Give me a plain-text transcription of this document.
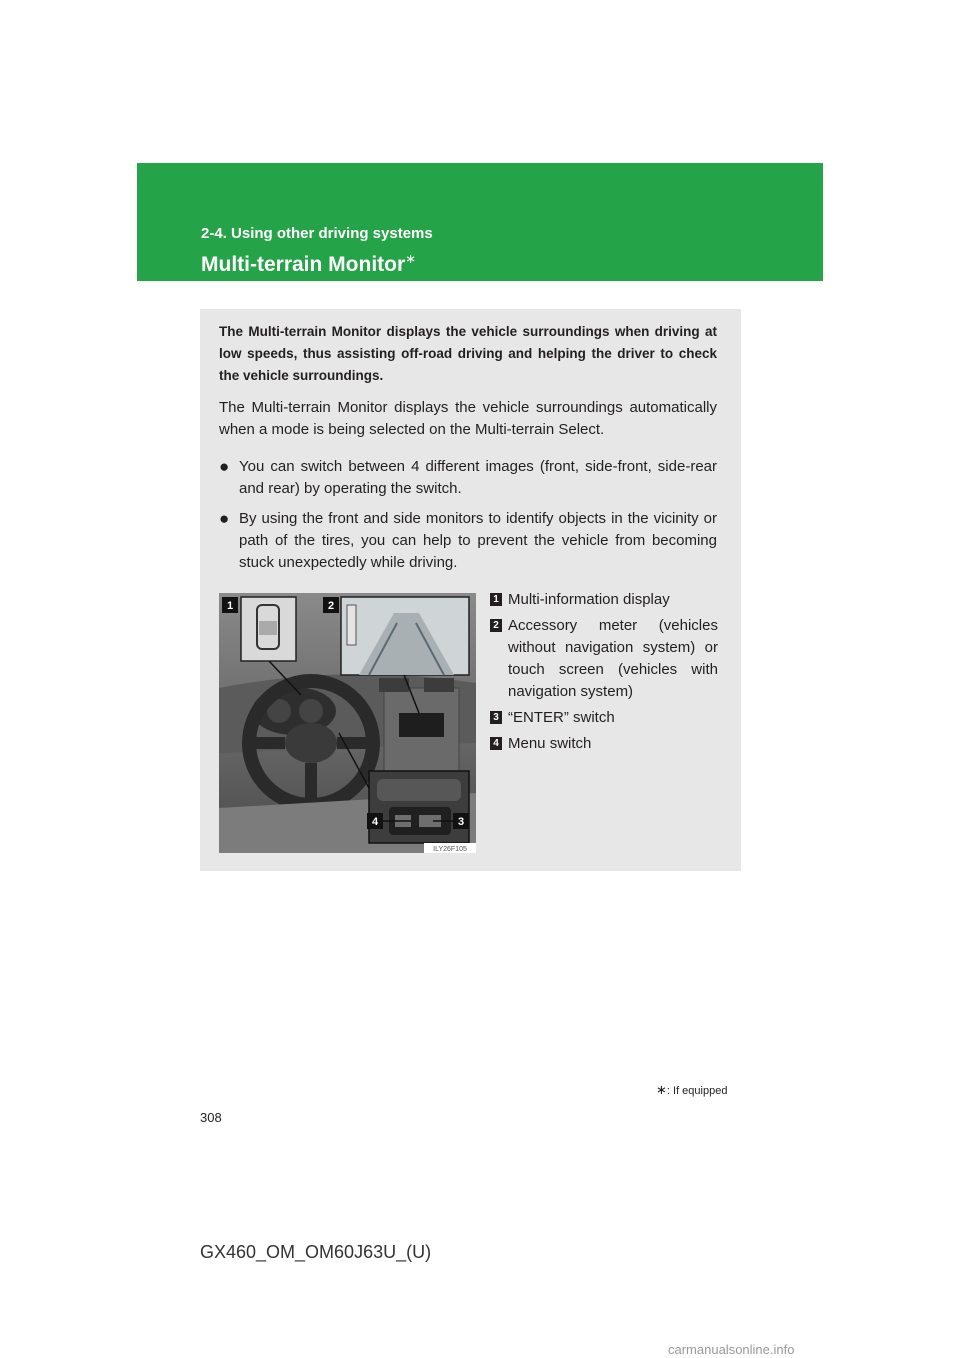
2-4. Using other driving systems
Multi-terrain Monitor∗
The Multi-terrain Monitor displays the vehicle surroundings when driving at low speeds, thus assisting off-road driving and helping the driver to check the vehicle surroundings.
The Multi-terrain Monitor displays the vehicle surroundings automatically when a mode is being selected on the Multi-terrain Select.
● You can switch between 4 different images (front, side-front, side-rear and rear) by operating the switch.
● By using the front and side monitors to identify objects in the vicinity or path of the tires, you can help to prevent the vehicle from becoming stuck unexpectedly while driving.
1	2
3
4
ILY26F105
1 Multi-information display
2 Accessory meter (vehicles without navigation system) or touch screen (vehicles with navigation system)
3 “ENTER” switch
4 Menu switch
∗: If equipped
308
GX460_OM_OM60J63U_(U)
carmanualsonline.info
